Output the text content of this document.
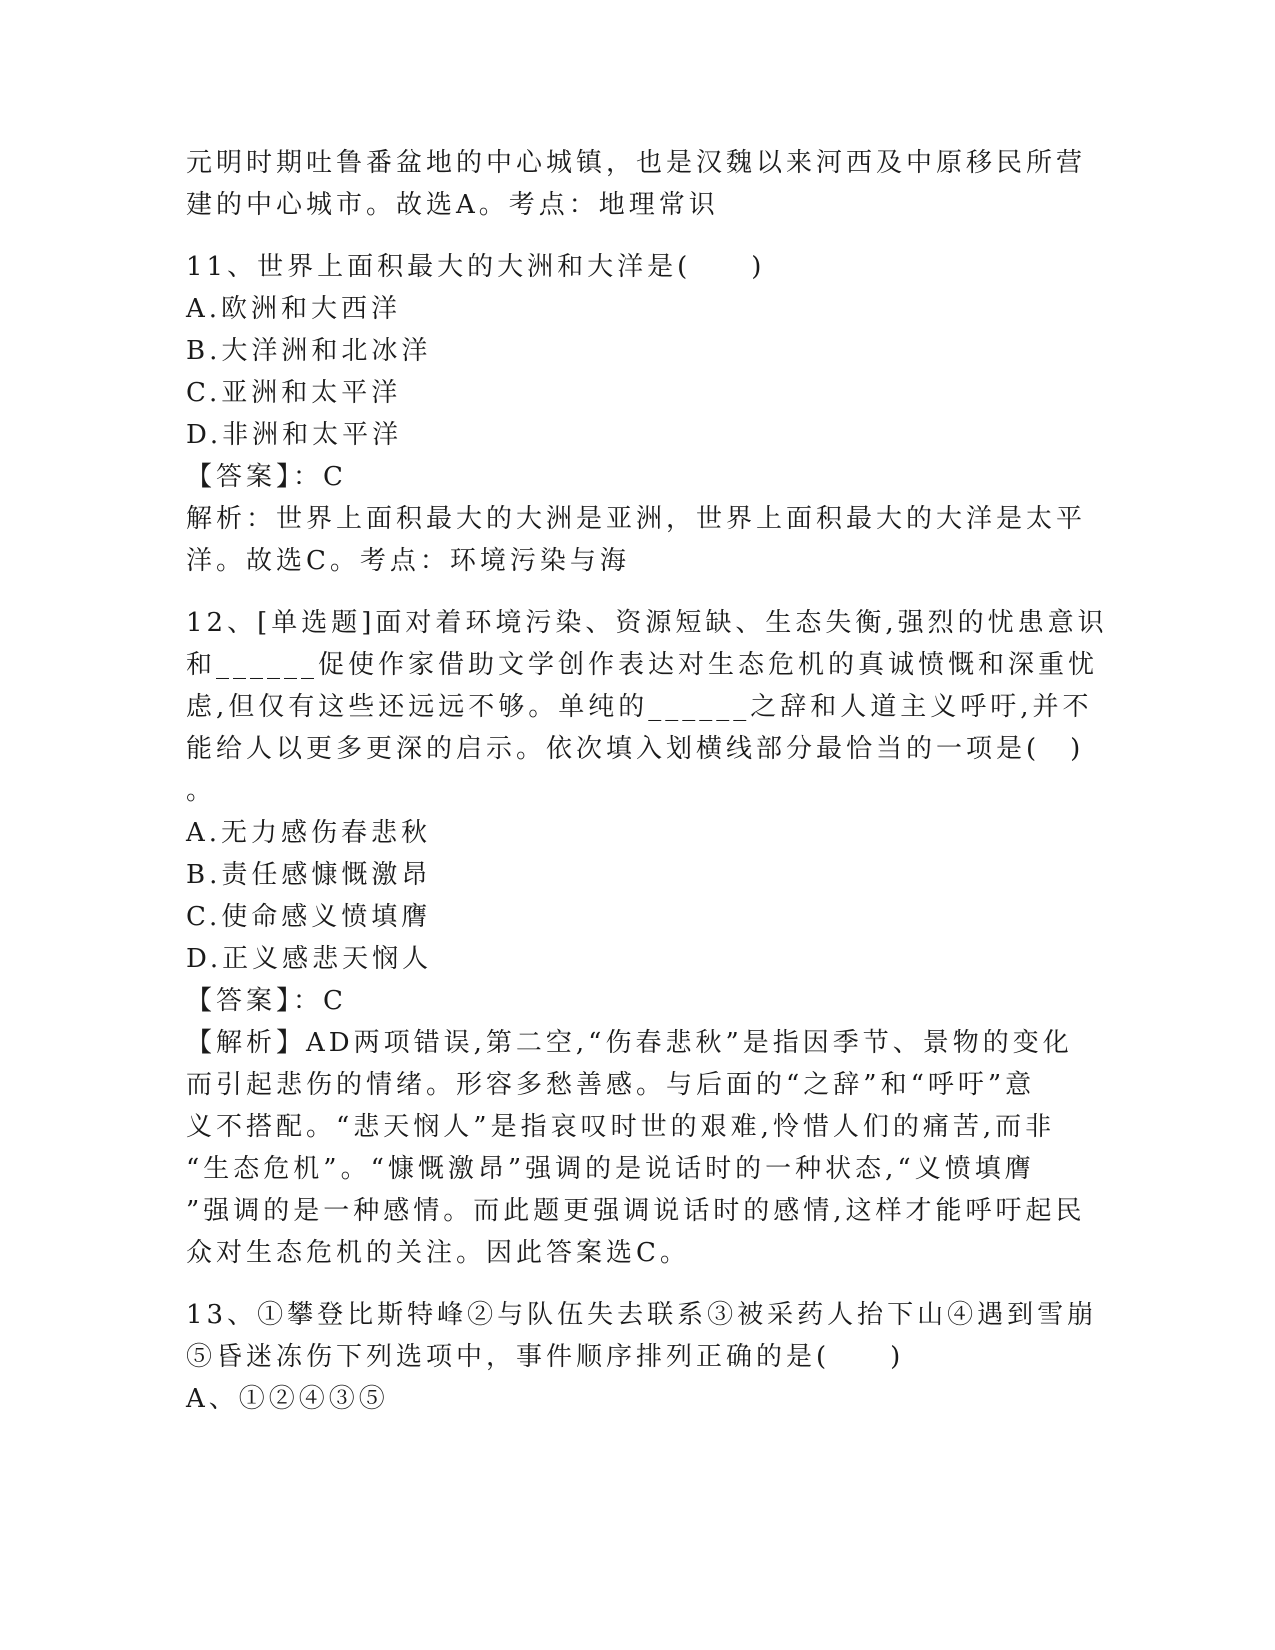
元明时期吐鲁番盆地的中心城镇，也是汉魏以来河西及中原移民所营
建的中心城市。故选A。考点：地理常识
11、世界上面积最大的大洲和大洋是(　　)
A.欧洲和大西洋
B.大洋洲和北冰洋
C.亚洲和太平洋
D.非洲和太平洋
【答案】：C
解析：世界上面积最大的大洲是亚洲，世界上面积最大的大洋是太平
洋。故选C。考点：环境污染与海
12、[单选题]面对着环境污染、资源短缺、生态失衡,强烈的忧患意识
和______促使作家借助文学创作表达对生态危机的真诚愤慨和深重忧
虑,但仅有这些还远远不够。单纯的______之辞和人道主义呼吁,并不
能给人以更多更深的启示。依次填入划横线部分最恰当的一项是(　)
。
A.无力感伤春悲秋
B.责任感慷慨激昂
C.使命感义愤填膺
D.正义感悲天悯人
【答案】：C
【解析】AD两项错误,第二空,“伤春悲秋”是指因季节、景物的变化
而引起悲伤的情绪。形容多愁善感。与后面的“之辞”和“呼吁”意
义不搭配。“悲天悯人”是指哀叹时世的艰难,怜惜人们的痛苦,而非
“生态危机”。“慷慨激昂”强调的是说话时的一种状态,“义愤填膺
”强调的是一种感情。而此题更强调说话时的感情,这样才能呼吁起民
众对生态危机的关注。因此答案选C。
13、①攀登比斯特峰②与队伍失去联系③被采药人抬下山④遇到雪崩
⑤昏迷冻伤下列选项中，事件顺序排列正确的是(　　)
A、①②④③⑤
